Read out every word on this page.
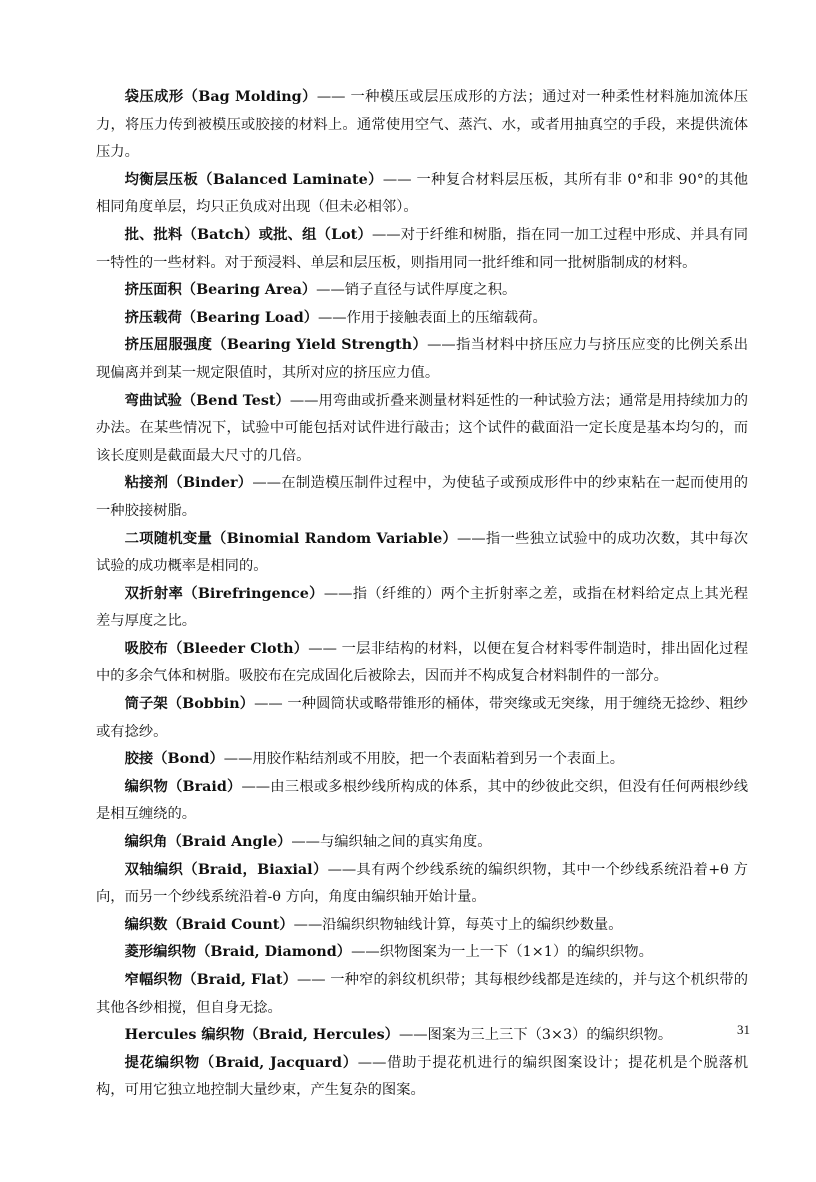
袋压成形（Bag Molding）—— 一种模压或层压成形的方法；通过对一种柔性材料施加流体压力，将压力传到被模压或胶接的材料上。通常使用空气、蒸汽、水，或者用抽真空的手段，来提供流体压力。

均衡层压板（Balanced Laminate）—— 一种复合材料层压板，其所有非 0°和非 90°的其他相同角度单层，均只正负成对出现（但未必相邻）。

批、批料（Batch）或批、组（Lot）——对于纤维和树脂，指在同一加工过程中形成、并具有同一特性的一些材料。对于预浸料、单层和层压板，则指用同一批纤维和同一批树脂制成的材料。

挤压面积（Bearing Area）——销子直径与试件厚度之积。

挤压载荷（Bearing Load）——作用于接触表面上的压缩载荷。

挤压屈服强度（Bearing Yield Strength）——指当材料中挤压应力与挤压应变的比例关系出现偏离并到某一规定限值时，其所对应的挤压应力值。

弯曲试验（Bend Test）——用弯曲或折叠来测量材料延性的一种试验方法；通常是用持续加力的办法。在某些情况下，试验中可能包括对试件进行敲击；这个试件的截面沿一定长度是基本均匀的，而该长度则是截面最大尺寸的几倍。

粘接剂（Binder）——在制造模压制件过程中，为使毡子或预成形件中的纱束粘在一起而使用的一种胶接树脂。

二项随机变量（Binomial Random Variable）——指一些独立试验中的成功次数，其中每次试验的成功概率是相同的。

双折射率（Birefringence）——指（纤维的）两个主折射率之差，或指在材料给定点上其光程差与厚度之比。

吸胶布（Bleeder Cloth）—— 一层非结构的材料，以便在复合材料零件制造时，排出固化过程中的多余气体和树脂。吸胶布在完成固化后被除去，因而并不构成复合材料制件的一部分。

筒子架（Bobbin）—— 一种圆筒状或略带锥形的桶体，带突缘或无突缘，用于缠绕无捻纱、粗纱或有捻纱。

胶接（Bond）——用胶作粘结剂或不用胶，把一个表面粘着到另一个表面上。

编织物（Braid）——由三根或多根纱线所构成的体系，其中的纱彼此交织，但没有任何两根纱线是相互缠绕的。

编织角（Braid Angle）——与编织轴之间的真实角度。

双轴编织（Braid，Biaxial）——具有两个纱线系统的编织织物，其中一个纱线系统沿着+θ 方向，而另一个纱线系统沿着-θ 方向，角度由编织轴开始计量。

编织数（Braid Count）——沿编织织物轴线计算，每英寸上的编织纱数量。

菱形编织物（Braid, Diamond）——织物图案为一上一下（1×1）的编织织物。

窄幅织物（Braid, Flat）—— 一种窄的斜纹机织带；其每根纱线都是连续的，并与这个机织带的其他各纱相搅，但自身无捻。

Hercules 编织物（Braid, Hercules）——图案为三上三下（3×3）的编织织物。

提花编织物（Braid, Jacquard）——借助于提花机进行的编织图案设计；提花机是个脱落机构，可用它独立地控制大量纱束，产生复杂的图案。

31
